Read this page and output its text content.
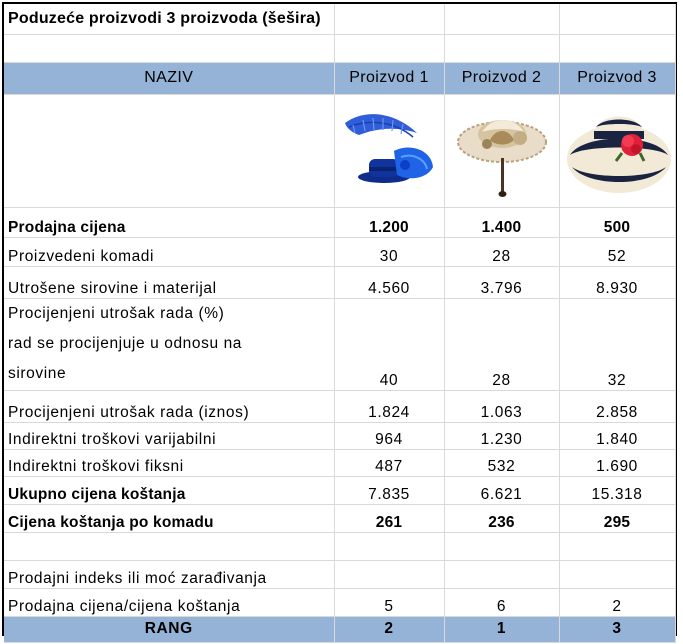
Poduzeće proizvodi 3 proizvoda (šešira)			

NAZIV	Proizvod 1	Proizvod 2	Proizvod 3

Prodajna cijena	1.200	1.400	500
Proizvedeni komadi	30	28	52
Utrošene sirovine i materijal	4.560	3.796	8.930

Procijenjeni utrošak rada (%)
rad se procijenjuje u odnosu na
sirovine	40	28	32
Procijenjeni utrošak rada (iznos)	1.824	1.063	2.858
Indirektni troškovi varijabilni	964	1.230	1.840
Indirektni troškovi fiksni	487	532	1.690
Ukupno cijena koštanja	7.835	6.621	15.318
Cijena koštanja po komadu	261	236	295

Prodajni indeks ili moć zarađivanja			
Prodajna cijena/cijena koštanja	5	6	2
RANG	2	1	3
